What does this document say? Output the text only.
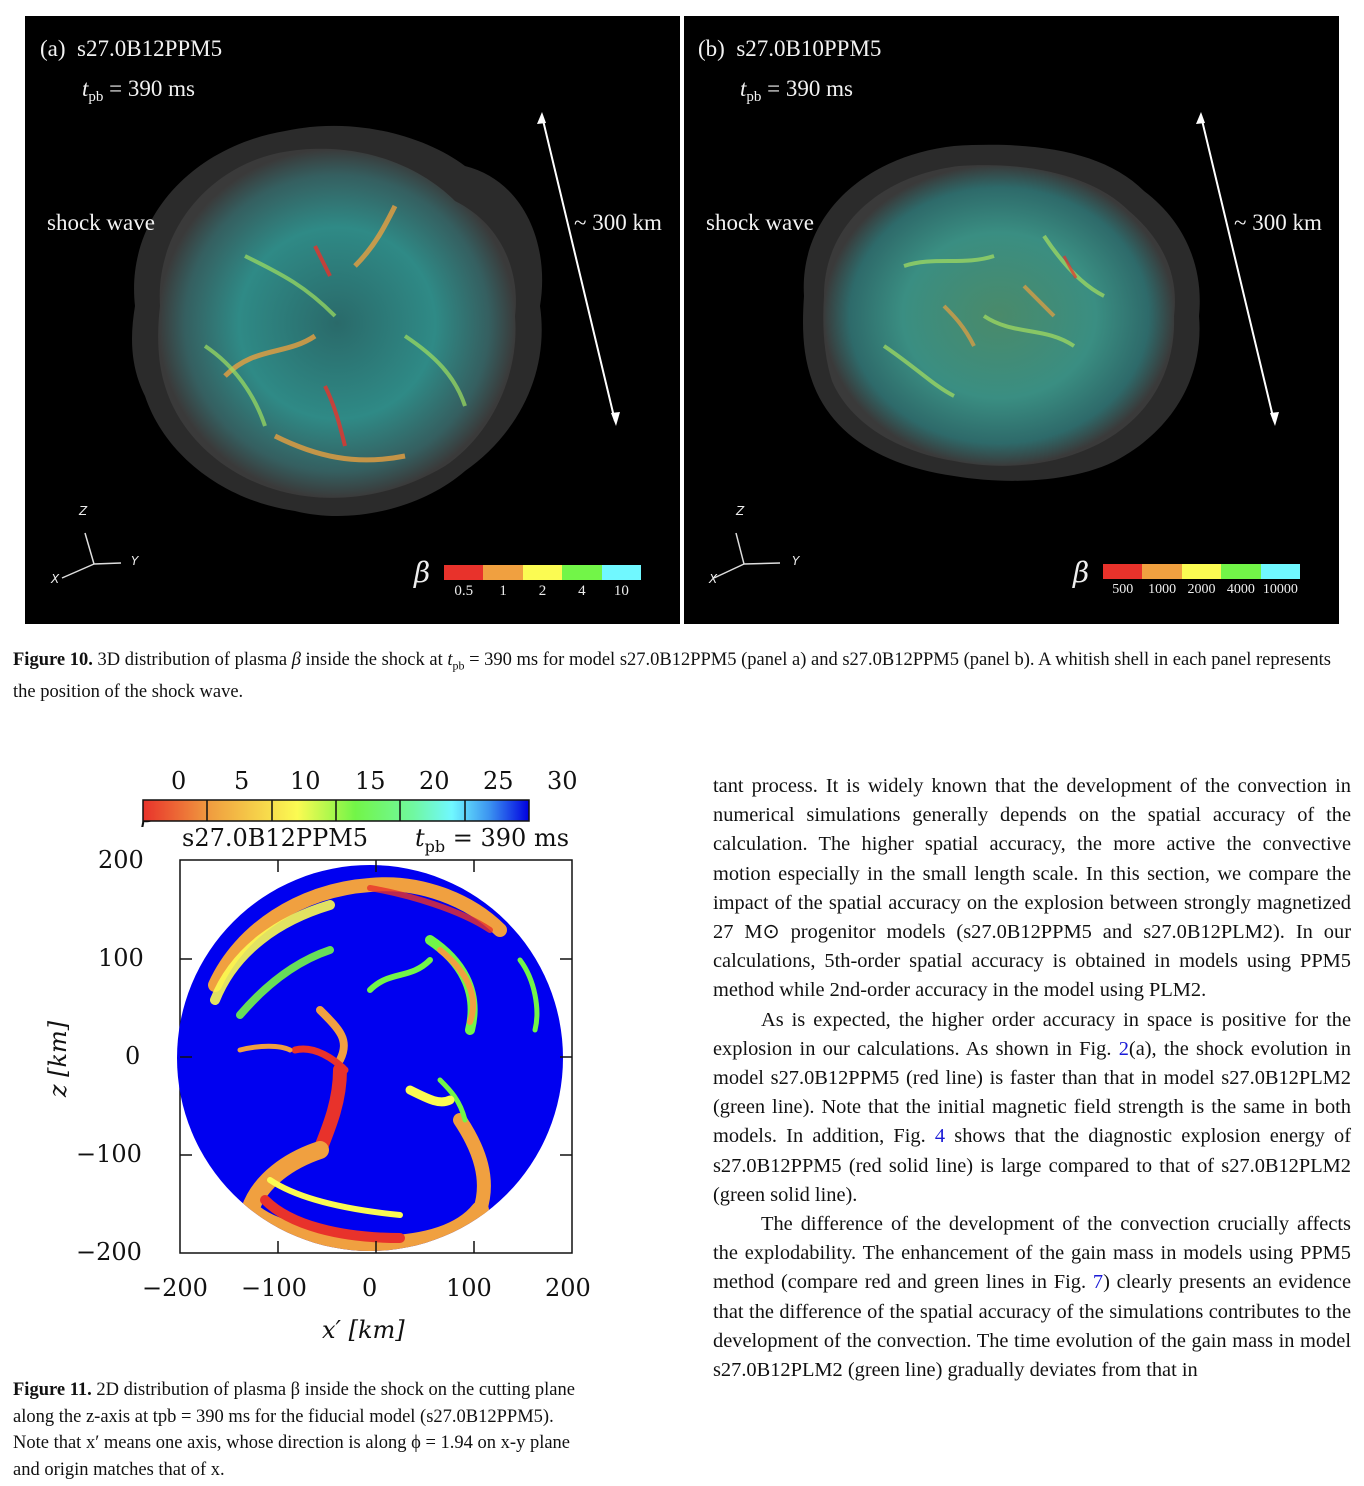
(a) s27.0B12PPM5
$t_{pb} = 390$ ms
shock wave	~ 300 km
Z
Y
X	β
0.5	1	2	4	10
(b) s27.0B10PPM5
$t_{pb} = 390$ ms
shock wave	~ 300 km
Z
Y
X	β
500	1000 2000 4000 10000
Figure 10. 3D distribution of plasma β inside the shock at $t_{pb} = 390$ ms for model s27.0B12PPM5 (panel a) and s27.0B12PPM5 (panel b). A whitish shell in each panel represents the position of the shock wave.
0 5 10 15 20 25 30
s27.0B12PPM5 $t_{pb} = 390$ ms
200
100
0
−100
−200
−200 −100 0	100 200
z [km]
x′ [km]
Figure 11. 2D distribution of plasma β inside the shock on the cutting plane
along the z-axis at tpb = 390 ms for the fiducial model (s27.0B12PPM5).
Note that x′ means one axis, whose direction is along ϕ = 1.94 on x-y plane
and origin matches that of x.

tant process. It is widely known that the development of the convection in numerical simulations generally depends on the spatial accuracy of the calculation. The higher spatial accuracy, the more active the convective motion especially in the small length scale. In this section, we compare the impact of the spatial accuracy on the explosion between strongly magnetized 27 M⊙ progenitor models (s27.0B12PPM5 and s27.0B12PLM2). In our calculations, 5th-order spatial accuracy is obtained in models using PPM5 method while 2nd-order accuracy in the model using PLM2.

As is expected, the higher order accuracy in space is positive for the explosion in our calculations. As shown in Fig. 2(a), the shock evolution in model s27.0B12PPM5 (red line) is faster than that in model s27.0B12PLM2 (green line). Note that the initial magnetic field strength is the same in both models. In addition, Fig. 4 shows that the diagnostic explosion energy of s27.0B12PPM5 (red solid line) is large compared to that of s27.0B12PLM2 (green solid line).

The difference of the development of the convection crucially affects the explodability. The enhancement of the gain mass in models using PPM5 method (compare red and green lines in Fig. 7) clearly presents an evidence that the difference of the spatial accuracy of the simulations contributes to the development of the convection. The time evolution of the gain mass in model s27.0B12PLM2 (green line) gradually deviates from that in
